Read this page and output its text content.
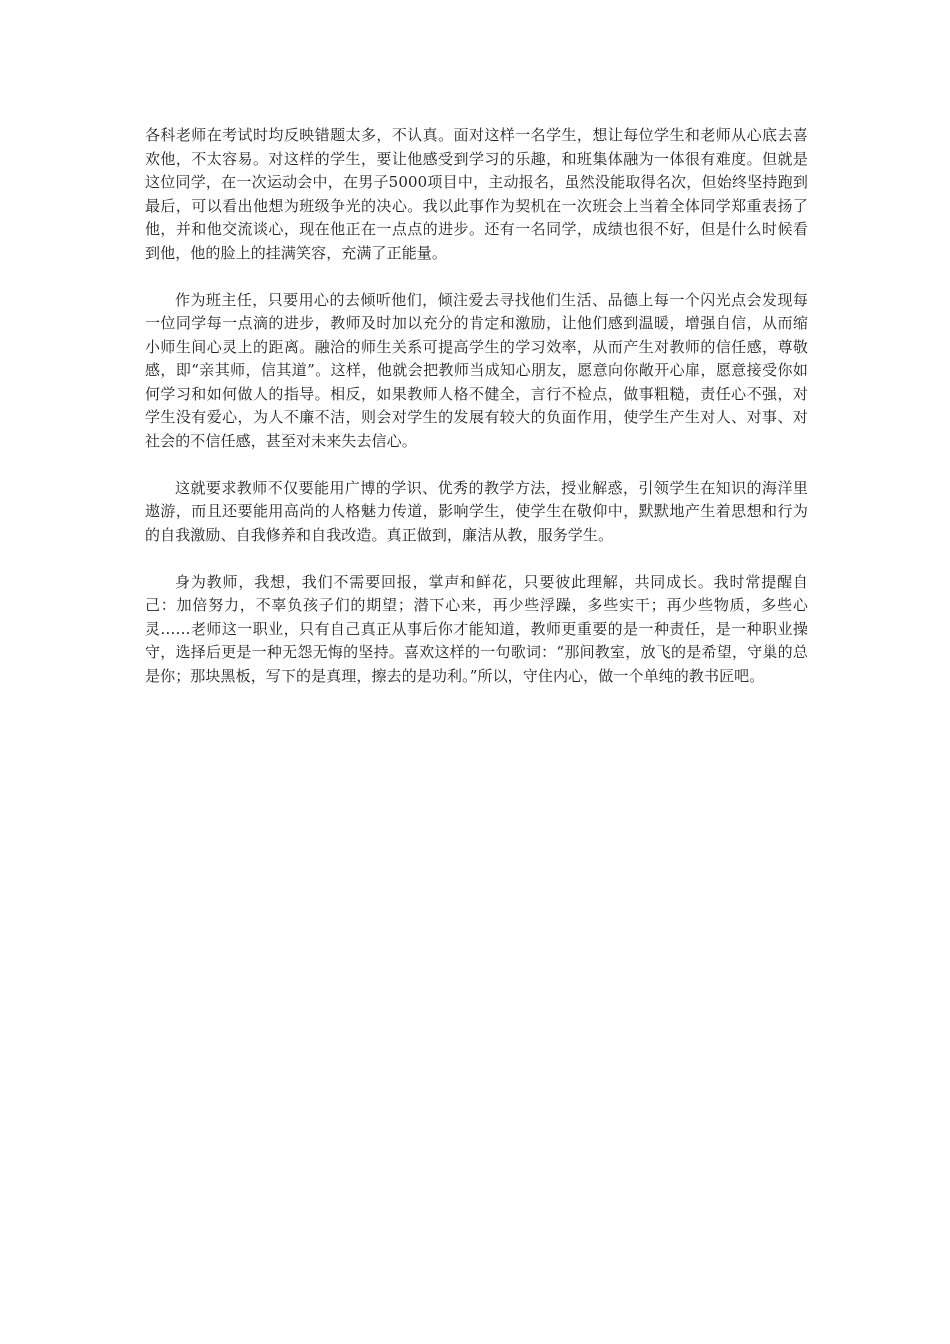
各科老师在考试时均反映错题太多，不认真。面对这样一名学生，想让每位学生和老师从心底去喜欢他，不太容易。对这样的学生，要让他感受到学习的乐趣，和班集体融为一体很有难度。但就是这位同学，在一次运动会中，在男子5000项目中，主动报名，虽然没能取得名次，但始终坚持跑到最后，可以看出他想为班级争光的决心。我以此事作为契机在一次班会上当着全体同学郑重表扬了他，并和他交流谈心，现在他正在一点点的进步。还有一名同学，成绩也很不好，但是什么时候看到他，他的脸上的挂满笑容，充满了正能量。

作为班主任，只要用心的去倾听他们，倾注爱去寻找他们生活、品德上每一个闪光点会发现每一位同学每一点滴的进步，教师及时加以充分的肯定和激励，让他们感到温暖，增强自信，从而缩小师生间心灵上的距离。融洽的师生关系可提高学生的学习效率，从而产生对教师的信任感，尊敬感，即“亲其师，信其道”。这样，他就会把教师当成知心朋友，愿意向你敞开心扉，愿意接受你如何学习和如何做人的指导。相反，如果教师人格不健全，言行不检点，做事粗糙，责任心不强，对学生没有爱心，为人不廉不洁，则会对学生的发展有较大的负面作用，使学生产生对人、对事、对社会的不信任感，甚至对未来失去信心。

这就要求教师不仅要能用广博的学识、优秀的教学方法，授业解惑，引领学生在知识的海洋里遨游，而且还要能用高尚的人格魅力传道，影响学生，使学生在敬仰中，默默地产生着思想和行为的自我激励、自我修养和自我改造。真正做到，廉洁从教，服务学生。

身为教师，我想，我们不需要回报，掌声和鲜花，只要彼此理解，共同成长。我时常提醒自己：加倍努力，不辜负孩子们的期望；潜下心来，再少些浮躁，多些实干；再少些物质，多些心灵……老师这一职业，只有自己真正从事后你才能知道，教师更重要的是一种责任，是一种职业操守，选择后更是一种无怨无悔的坚持。喜欢这样的一句歌词：“那间教室，放飞的是希望，守巢的总是你；那块黑板，写下的是真理，擦去的是功利。”所以，守住内心，做一个单纯的教书匠吧。
